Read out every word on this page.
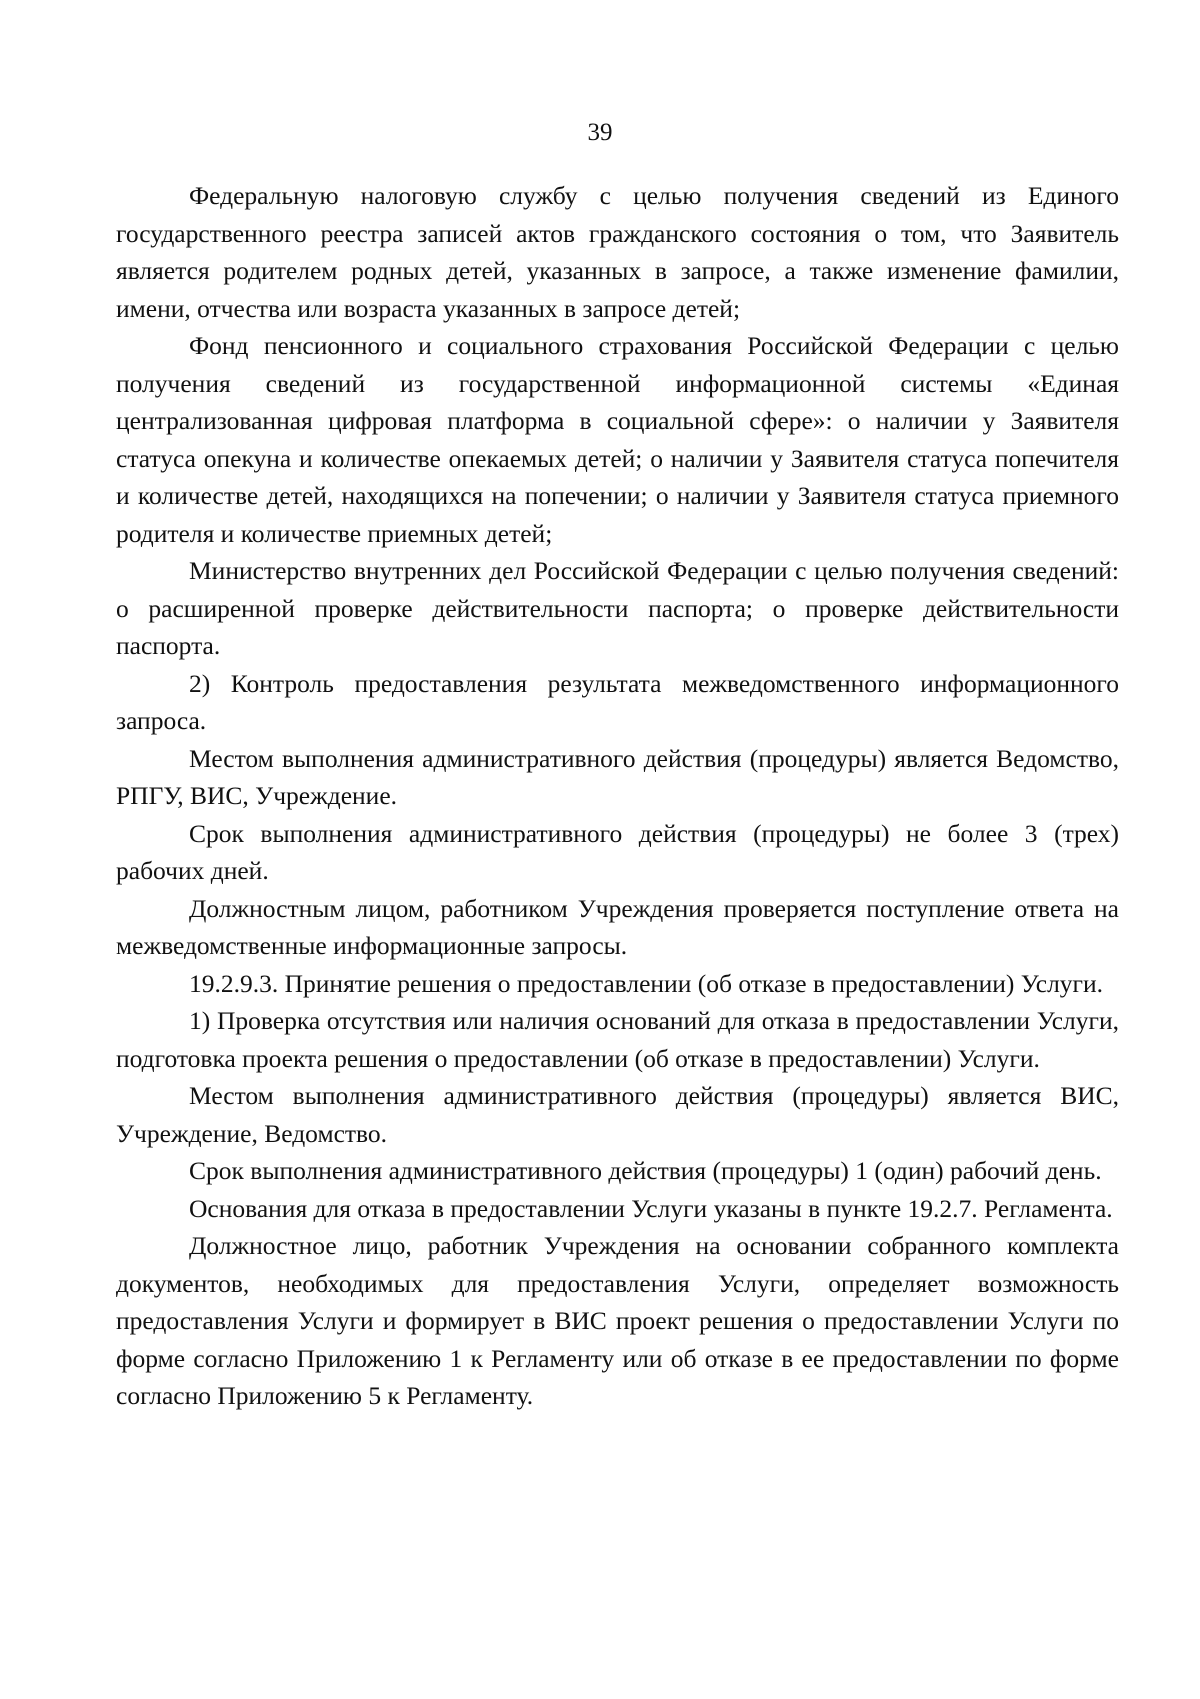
39

Федеральную налоговую службу с целью получения сведений из Единого государственного реестра записей актов гражданского состояния о том, что Заявитель является родителем родных детей, указанных в запросе, а также изменение фамилии, имени, отчества или возраста указанных в запросе детей;

Фонд пенсионного и социального страхования Российской Федерации с целью получения сведений из государственной информационной системы «Единая централизованная цифровая платформа в социальной сфере»: о наличии у Заявителя статуса опекуна и количестве опекаемых детей; о наличии у Заявителя статуса попечителя и количестве детей, находящихся на попечении; о наличии у Заявителя статуса приемного родителя и количестве приемных детей;

Министерство внутренних дел Российской Федерации с целью получения сведений: о расширенной проверке действительности паспорта; о проверке действительности паспорта.

2) Контроль предоставления результата межведомственного информационного запроса.

Местом выполнения административного действия (процедуры) является Ведомство, РПГУ, ВИС, Учреждение.

Срок выполнения административного действия (процедуры) не более 3 (трех) рабочих дней.

Должностным лицом, работником Учреждения проверяется поступление ответа на межведомственные информационные запросы.

19.2.9.3. Принятие решения о предоставлении (об отказе в предоставлении) Услуги.

1) Проверка отсутствия или наличия оснований для отказа в предоставлении Услуги, подготовка проекта решения о предоставлении (об отказе в предоставлении) Услуги.

Местом выполнения административного действия (процедуры) является ВИС, Учреждение, Ведомство.

Срок выполнения административного действия (процедуры) 1 (один) рабочий день.

Основания для отказа в предоставлении Услуги указаны в пункте 19.2.7. Регламента.

Должностное лицо, работник Учреждения на основании собранного комплекта документов, необходимых для предоставления Услуги, определяет возможность предоставления Услуги и формирует в ВИС проект решения о предоставлении Услуги по форме согласно Приложению 1 к Регламенту или об отказе в ее предоставлении по форме согласно Приложению 5 к Регламенту.
